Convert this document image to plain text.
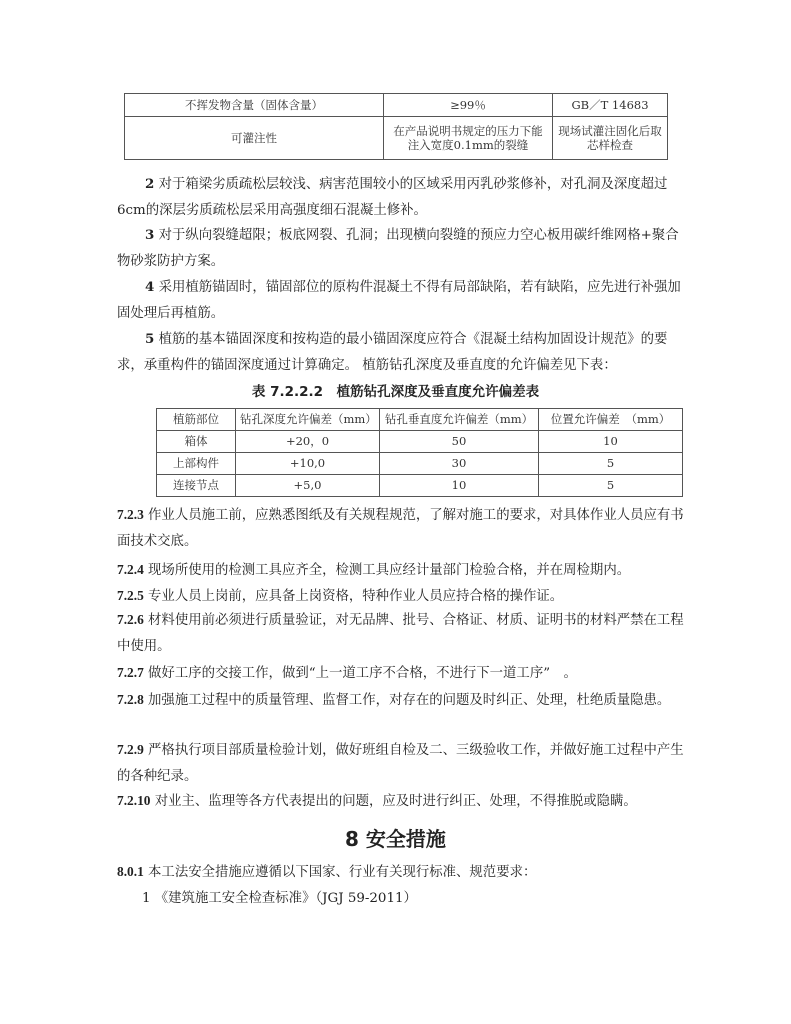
不挥发物含量（固体含量）	≥99％	GB／T 14683
可灌注性	在产品说明书规定的压力下能注入宽度0.1mm的裂缝	现场试灌注固化后取芯样检查
2 对于箱梁劣质疏松层较浅、病害范围较小的区域采用丙乳砂浆修补，对孔洞及深度超过6cm的深层劣质疏松层采用高强度细石混凝土修补。
3 对于纵向裂缝超限；板底网裂、孔洞；出现横向裂缝的预应力空心板用碳纤维网格+聚合物砂浆防护方案。
4 采用植筋锚固时，锚固部位的原构件混凝土不得有局部缺陷，若有缺陷，应先进行补强加固处理后再植筋。
5 植筋的基本锚固深度和按构造的最小锚固深度应符合《混凝土结构加固设计规范》的要求，承重构件的锚固深度通过计算确定。 植筋钻孔深度及垂直度的允许偏差见下表：
表 7.2.2.2　植筋钻孔深度及垂直度允许偏差表
植筋部位	钻孔深度允许偏差（mm）	钻孔垂直度允许偏差（mm）	位置允许偏差　（mm）
箱体	+20，0	50	10
上部构件	+10,0	30	5
连接节点	+5,0	10	5
7.2.3 作业人员施工前，应熟悉图纸及有关规程规范，了解对施工的要求，对具体作业人员应有书面技术交底。
7.2.4 现场所使用的检测工具应齐全，检测工具应经计量部门检验合格，并在周检期内。
7.2.5 专业人员上岗前，应具备上岗资格，特种作业人员应持合格的操作证。
7.2.6 材料使用前必须进行质量验证，对无品牌、批号、合格证、材质、证明书的材料严禁在工程中使用。
7.2.7 做好工序的交接工作，做到“上一道工序不合格，不进行下一道工序”　。
7.2.8 加强施工过程中的质量管理、监督工作，对存在的问题及时纠正、处理，杜绝质量隐患。
7.2.9 严格执行项目部质量检验计划，做好班组自检及二、三级验收工作，并做好施工过程中产生的各种纪录。
7.2.10 对业主、监理等各方代表提出的问题，应及时进行纠正、处理，不得推脱或隐瞒。
8 安全措施
8.0.1 本工法安全措施应遵循以下国家、行业有关现行标准、规范要求：
1 《建筑施工安全检查标准》（JGJ 59-2011）
